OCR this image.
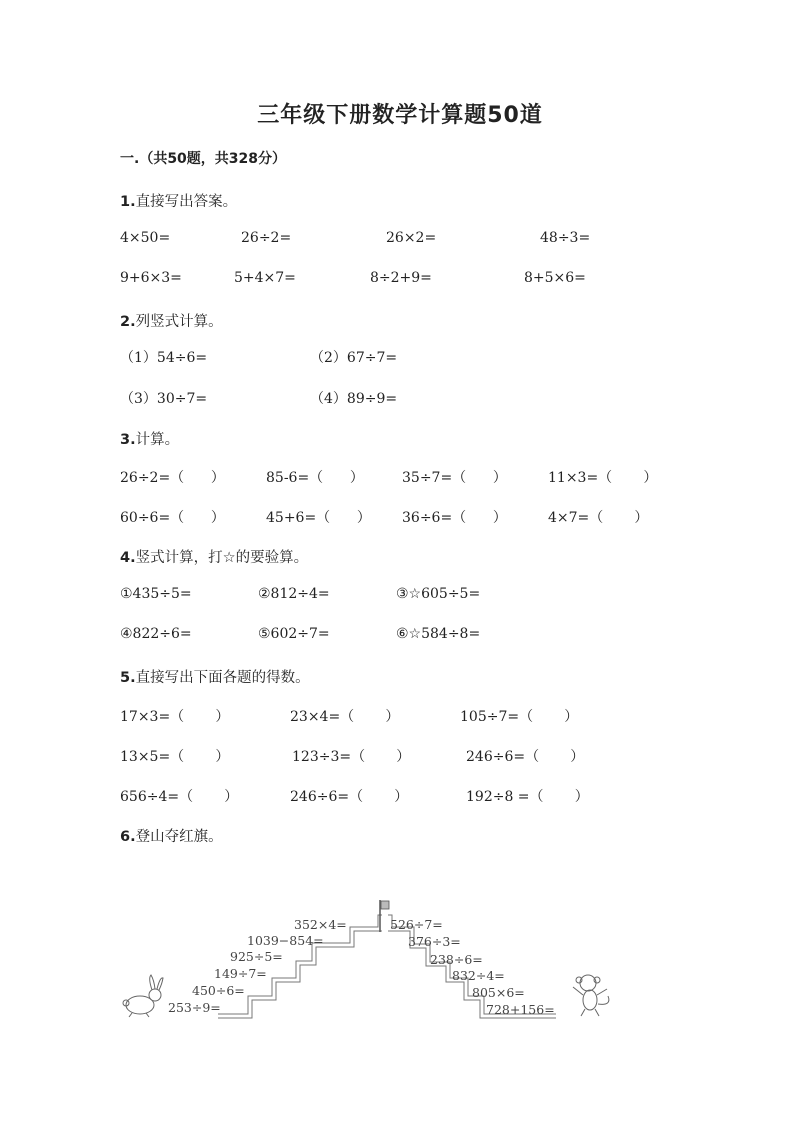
三年级下册数学计算题50道
一.（共50题，共328分）
1.直接写出答案。
4×50=	26÷2=	26×2=	48÷3=
9+6×3=	5+4×7=	8÷2+9=	8+5×6=
2.列竖式计算。
（1）54÷6=	（2）67÷7=
（3）30÷7=	（4）89÷9=
3.计算。
26÷2=（      ）	85-6=（      ）	35÷7=（      ）	11×3=（       ）
60÷6=（      ）	45+6=（      ） 36÷6=（      ）	4×7=（       ）
4.竖式计算，打☆的要验算。
①435÷5=	②812÷4=	③☆605÷5=
④822÷6=	⑤602÷7=	⑥☆584÷8=
5.直接写出下面各题的得数。
17×3=（       ）	23×4=（       ）	105÷7=（       ）
13×5=（       ）	123÷3=（       ）	246÷6=（       ）
656÷4=（       ）	246÷6=（       ）	192÷8 =（       ）
6.登山夺红旗。
253÷9=
450÷6=
149÷7=
925÷5=
1039−854=
352×4=	526÷7=
376÷3=
238÷6=
832÷4=
805×6=
728+156=
